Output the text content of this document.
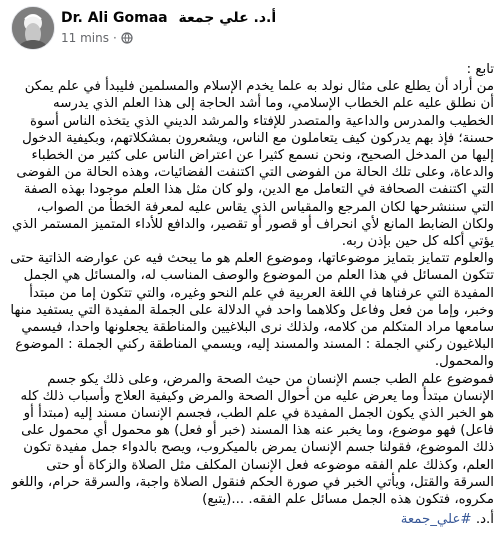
Dr. Ali Gomaa أ.د. علي جمعة
11 mins ·

تابع :

من أراد أن يطلع على مثال نولد به علما يخدم الإسلام والمسلمين فليبدأ في علم يمكن أن نطلق عليه علم الخطاب الإسلامي، وما أشد الحاجة إلى هذا العلم الذي يدرسه الخطيب والمدرس والداعية والمتصدر للإفتاء والمرشد الديني الذي يتخذه الناس أسوة حسنة؛ فإذ بهم يدركون كيف يتعاملون مع الناس، ويشعرون بمشكلاتهم، وبكيفية الدخول إليها من المدخل الصحيح، ونحن نسمع كثيرا عن اعتراض الناس على كثير من الخطباء والدعاة، وعلى تلك الحالة من الفوضى التي اكتنفت الفضائيات، وهذه الحالة من الفوضى التي اكتنفت الصحافة في التعامل مع الدين، ولو كان مثل هذا العلم موجودا بهذه الصفة التي سننشرحها لكان المرجع والمقياس الذي يقاس عليه لمعرفة الخطأ من الصواب، ولكان الضابط المانع لأي انحراف أو قصور أو تقصير، والدافع للأداء المتميز المستمر الذي يؤتي أكله كل حين بإذن ربه.

والعلوم تتمايز بتمايز موضوعاتها، وموضوع العلم هو ما يبحث فيه عن عوارضه الذاتية حتى تتكون المسائل في هذا العلم من الموضوع والوصف المناسب له، والمسائل هي الجمل المفيدة التي عرفناها في اللغة العربية في علم النحو وغيره، والتي تتكون إما من مبتدأ وخبر، وإما من فعل وفاعل وكلاهما واحد في الدلالة على الجملة المفيدة التي يستفيد منها سامعها مراد المتكلم من كلامه، ولذلك نرى البلاغيين والمناطقة يجعلونها واحدا، فيسمي البلاغيون ركني الجملة : المسند والمسند إليه، ويسمي المناطقة ركني الجملة : الموضوع والمحمول.

فموضوع علم الطب جسم الإنسان من حيث الصحة والمرض، وعلى ذلك يكو جسم الإنسان مبتدأ وما يعرض عليه من أحوال الصحة والمرض وكيفية العلاج وأسباب ذلك كله هو الخبر الذي يكون الجمل المفيدة في علم الطب، فجسم الإنسان مسند إليه (مبتدأ أو فاعل) فهو موضوع، وما يخبر عنه هذا المسند (خبر أو فعل) هو محمول أي محمول على ذلك الموضوع، فقولنا جسم الإنسان يمرض بالميكروب، ويصح بالدواء جمل مفيدة تكون العلم، وكذلك علم الفقه موضوعه فعل الإنسان المكلف مثل الصلاة والزكاة أو حتى السرقة والقتل، ويأتي الخبر في صورة الحكم فنقول الصلاة واجبة، والسرقة حرام، واللغو مكروه، فتكون هذه الجمل مسائل علم الفقه. ...(يتبع)

أ.د. #علي_جمعة
